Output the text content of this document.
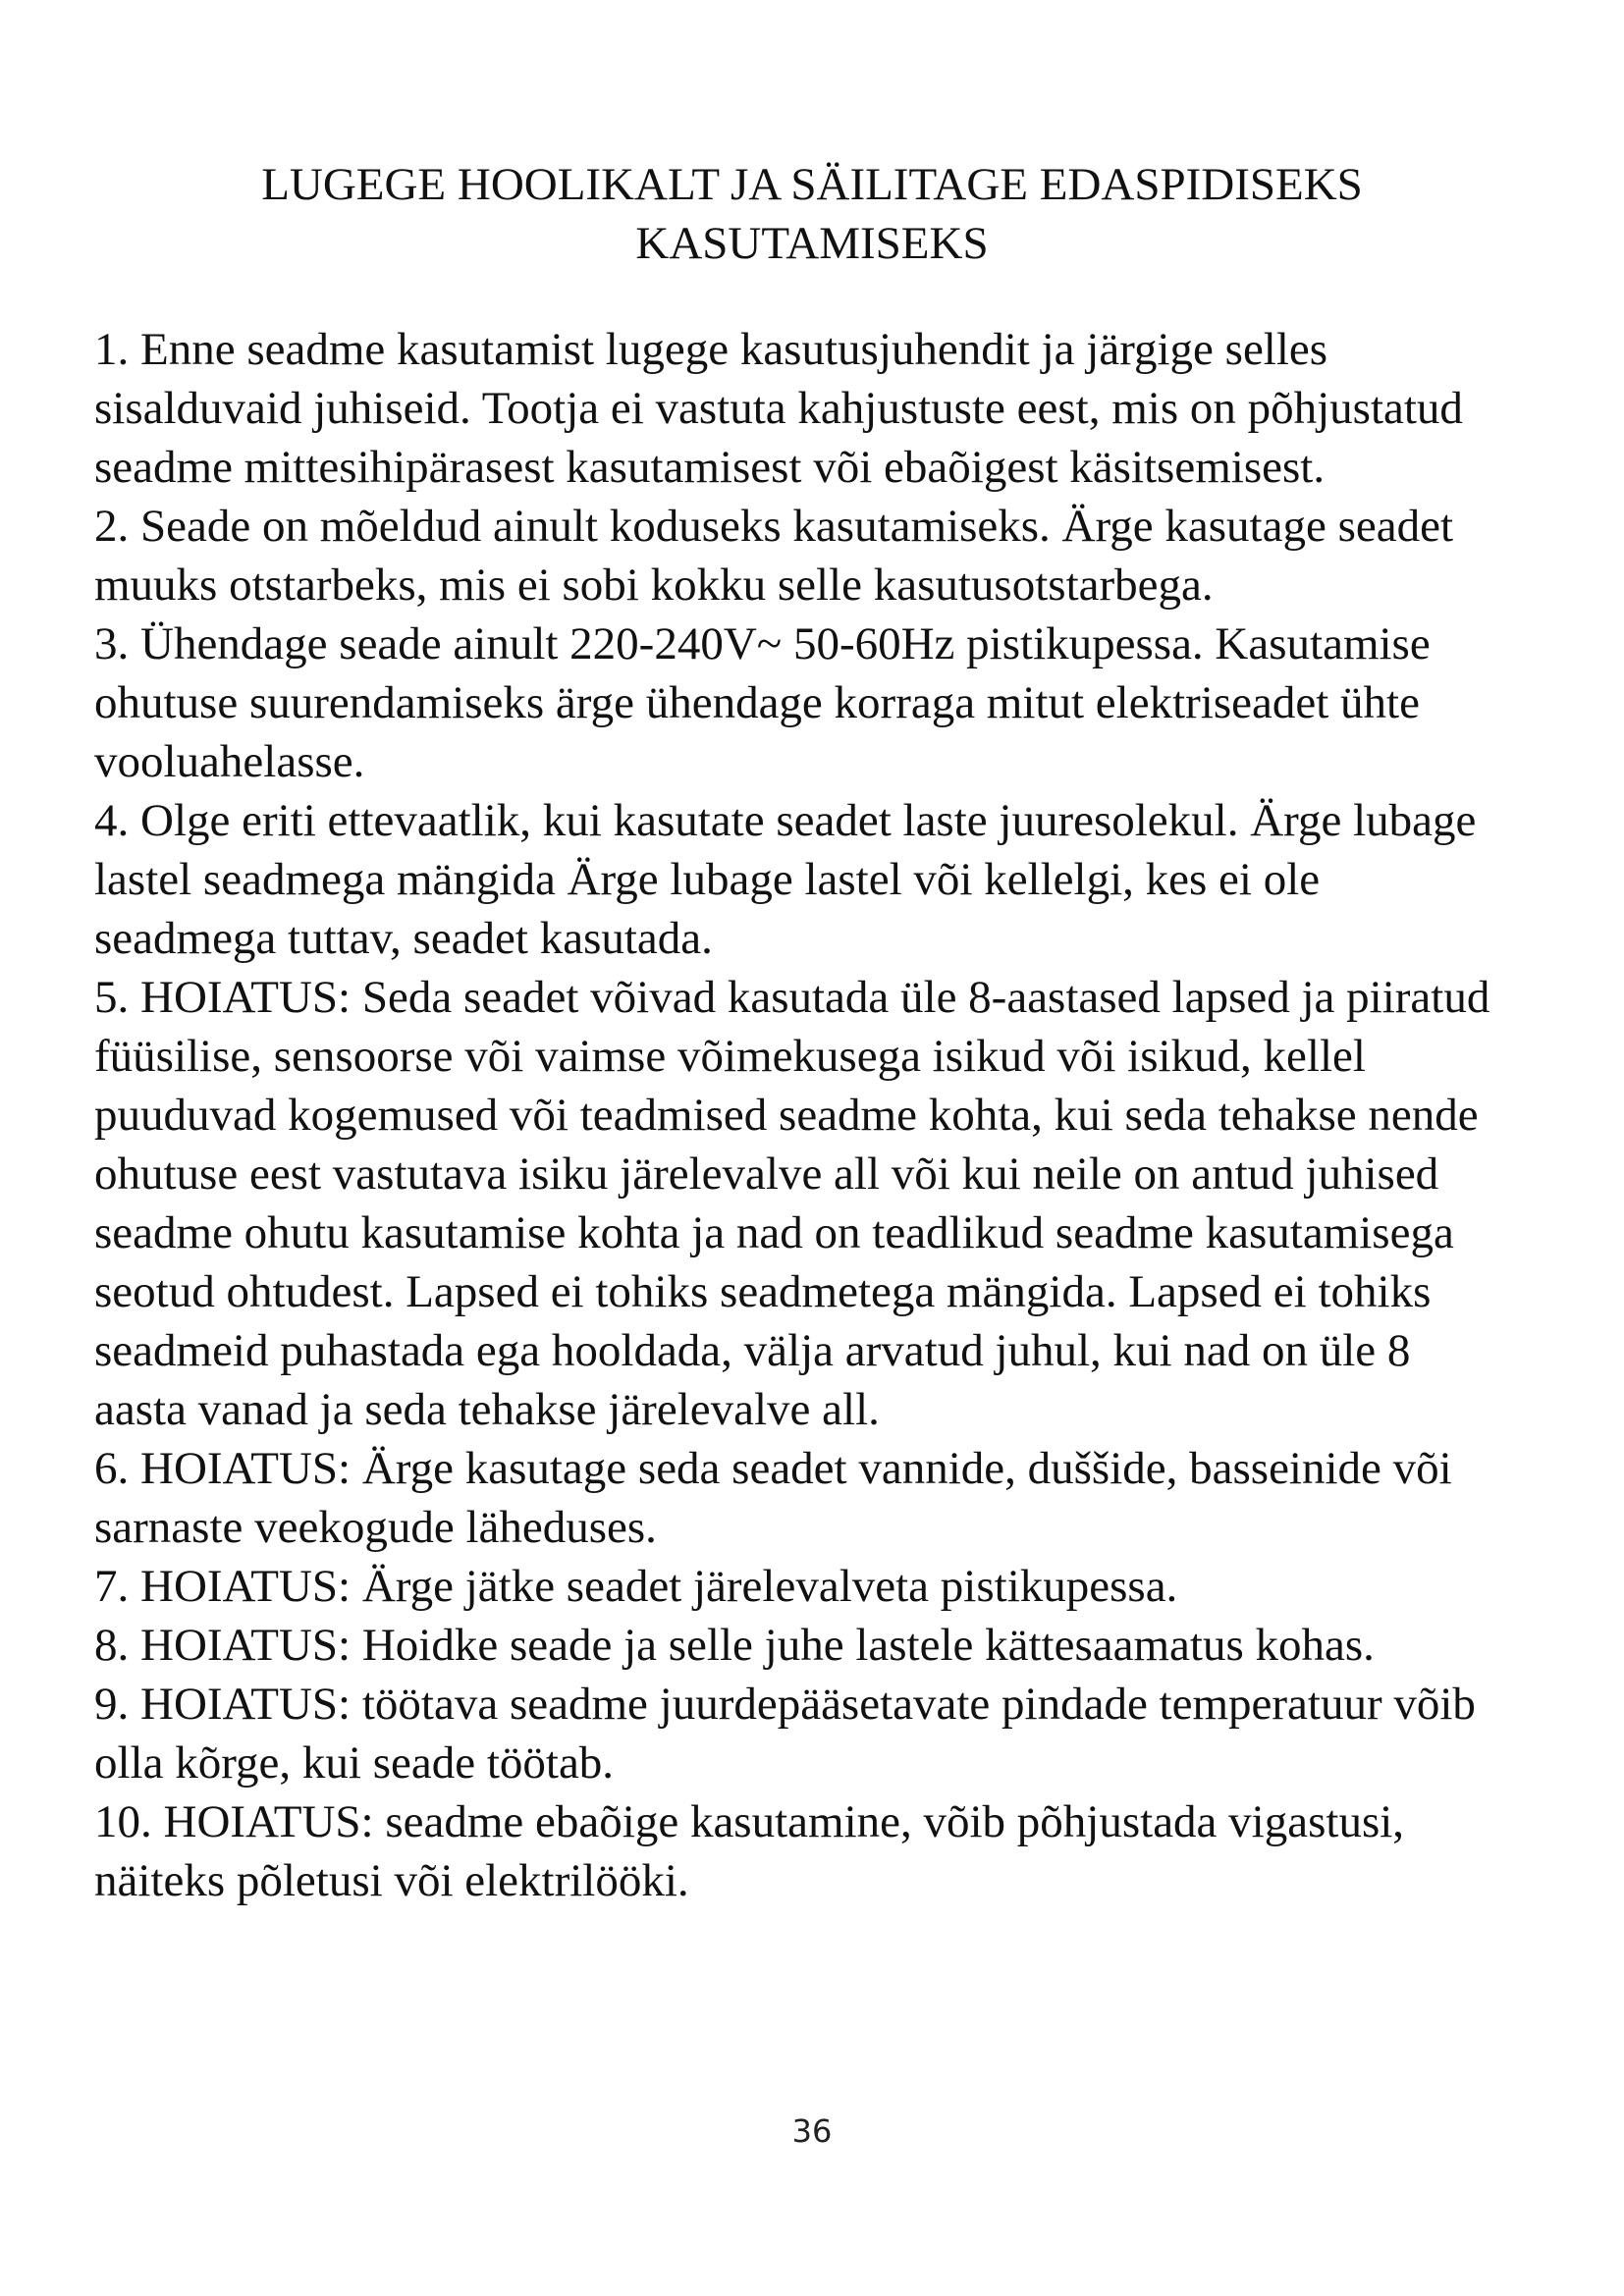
LUGEGE HOOLIKALT JA SÄILITAGE EDASPIDISEKS
KASUTAMISEKS
1. Enne seadme kasutamist lugege kasutusjuhendit ja järgige selles sisalduvaid juhiseid. Tootja ei vastuta kahjustuste eest, mis on põhjustatud seadme mittesihipärasest kasutamisest või ebaõigest käsitsemisest.
2. Seade on mõeldud ainult koduseks kasutamiseks. Ärge kasutage seadet muuks otstarbeks, mis ei sobi kokku selle kasutusotstarbega.
3. Ühendage seade ainult 220-240V~ 50-60Hz pistikupessa. Kasutamise ohutuse suurendamiseks ärge ühendage korraga mitut elektriseadet ühte vooluahelasse.
4. Olge eriti ettevaatlik, kui kasutate seadet laste juuresolekul. Ärge lubage lastel seadmega mängida Ärge lubage lastel või kellelgi, kes ei ole seadmega tuttav, seadet kasutada.
5. HOIATUS: Seda seadet võivad kasutada üle 8-aastased lapsed ja piiratud füüsilise, sensoorse või vaimse võimekusega isikud või isikud, kellel puuduvad kogemused või teadmised seadme kohta, kui seda tehakse nende ohutuse eest vastutava isiku järelevalve all või kui neile on antud juhised seadme ohutu kasutamise kohta ja nad on teadlikud seadme kasutamisega seotud ohtudest. Lapsed ei tohiks seadmetega mängida. Lapsed ei tohiks seadmeid puhastada ega hooldada, välja arvatud juhul, kui nad on üle 8 aasta vanad ja seda tehakse järelevalve all.
6. HOIATUS: Ärge kasutage seda seadet vannide, duššide, basseinide või sarnaste veekogude läheduses.
7. HOIATUS: Ärge jätke seadet järelevalveta pistikupessa.
8. HOIATUS: Hoidke seade ja selle juhe lastele kättesaamatus kohas.
9. HOIATUS: töötava seadme juurdepääsetavate pindade temperatuur võib olla kõrge, kui seade töötab.
10. HOIATUS: seadme ebaõige kasutamine, võib põhjustada vigastusi, näiteks põletusi või elektrilööki.
36
